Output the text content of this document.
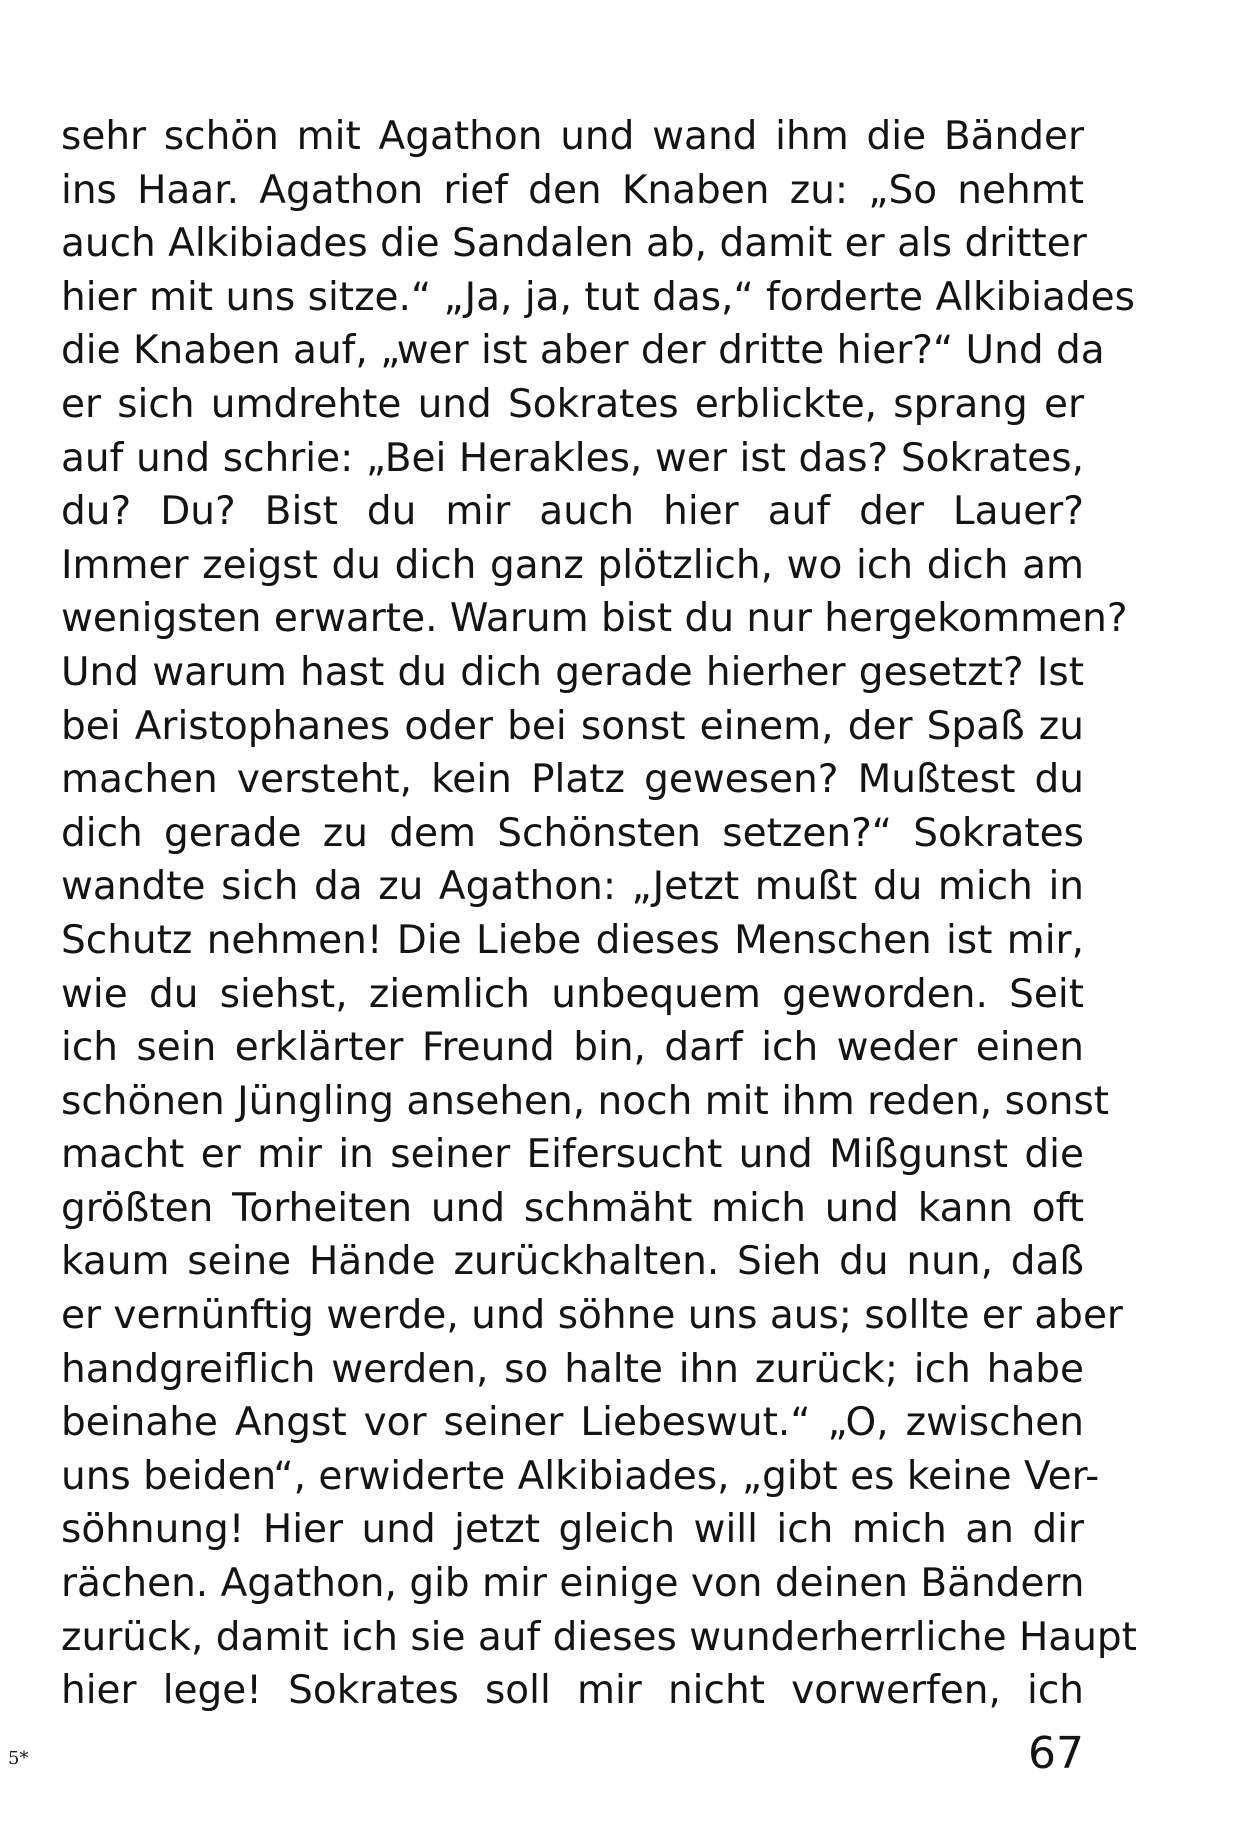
sehr schön mit Agathon und wand ihm die Bänder
ins Haar. Agathon rief den Knaben zu: „So nehmt
auch Alkibiades die Sandalen ab, damit er als dritter
hier mit uns sitze.“ „Ja, ja, tut das,“ forderte Alkibiades
die Knaben auf, „wer ist aber der dritte hier?“ Und da
er sich umdrehte und Sokrates erblickte, sprang er
auf und schrie: „Bei Herakles, wer ist das? Sokrates,
du? Du? Bist du mir auch hier auf der Lauer?
Immer zeigst du dich ganz plötzlich, wo ich dich am
wenigsten erwarte. Warum bist du nur hergekommen?
Und warum hast du dich gerade hierher gesetzt? Ist
bei Aristophanes oder bei sonst einem, der Spaß zu
machen versteht, kein Platz gewesen? Mußtest du
dich gerade zu dem Schönsten setzen?“ Sokrates
wandte sich da zu Agathon: „Jetzt mußt du mich in
Schutz nehmen! Die Liebe dieses Menschen ist mir,
wie du siehst, ziemlich unbequem geworden. Seit
ich sein erklärter Freund bin, darf ich weder einen
schönen Jüngling ansehen, noch mit ihm reden, sonst
macht er mir in seiner Eifersucht und Mißgunst die
größten Torheiten und schmäht mich und kann oft
kaum seine Hände zurückhalten. Sieh du nun, daß
er vernünftig werde, und söhne uns aus; sollte er aber
handgreiflich werden, so halte ihn zurück; ich habe
beinahe Angst vor seiner Liebeswut.“ „O, zwischen
uns beiden“, erwiderte Alkibiades, „gibt es keine Ver-
söhnung! Hier und jetzt gleich will ich mich an dir
rächen. Agathon, gib mir einige von deinen Bändern
zurück, damit ich sie auf dieses wunderherrliche Haupt
hier lege! Sokrates soll mir nicht vorwerfen, ich
5*	67
